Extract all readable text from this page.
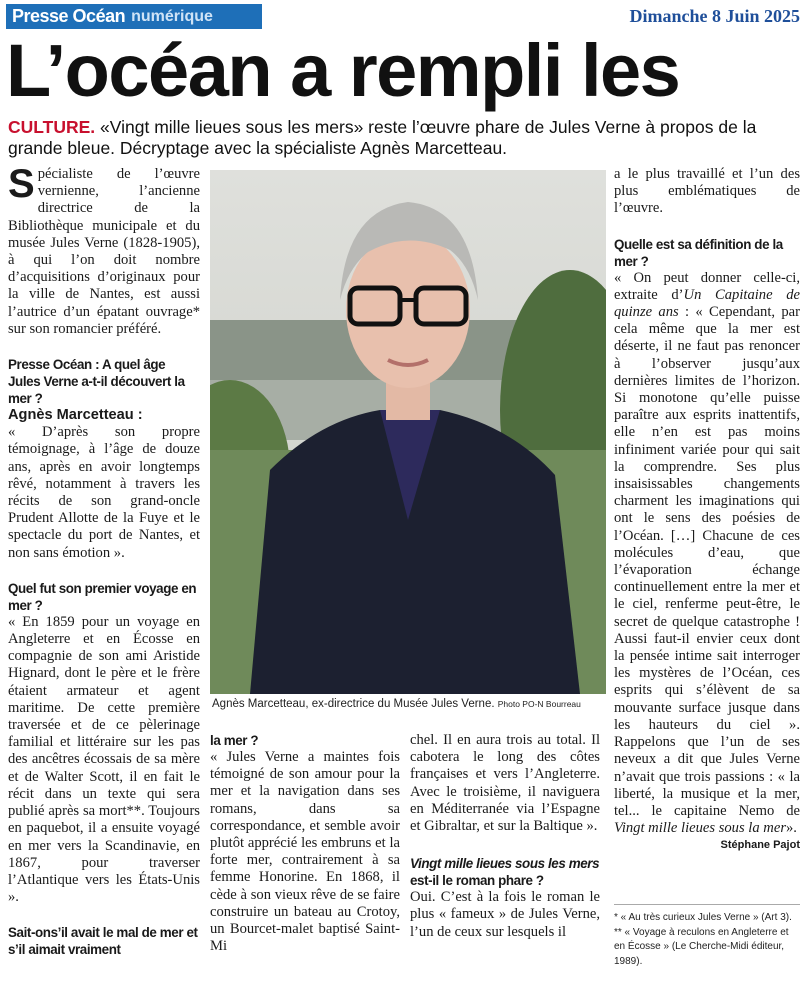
Presse Océan numérique	Dimanche 8 Juin 2025
L’océan a rempli les
CULTURE. «Vingt mille lieues sous les mers» reste l’œuvre phare de Jules Verne à propos de la grande bleue. Décryptage avec la spécialiste Agnès Marcetteau.

Spécialiste de l’œuvre vernienne, l’ancienne directrice de la Bibliothèque municipale et du musée Jules Verne (1828-1905), à qui l’on doit nombre d’acquisitions d’originaux pour la ville de Nantes, est aussi l’autrice d’un épatant ouvrage* sur son romancier préféré.

Presse Océan : A quel âge Jules Verne a-t-il découvert la mer ?

Agnès Marcetteau :
« D’après son propre témoignage, à l’âge de douze ans, après en avoir longtemps rêvé, notamment à travers les récits de son grand-oncle Prudent Allotte de la Fuye et le spectacle du port de Nantes, et non sans émotion ».

Quel fut son premier voyage en mer ?

« En 1859 pour un voyage en Angleterre et en Écosse en compagnie de son ami Aristide Hignard, dont le père et le frère étaient armateur et agent maritime. De cette première traversée et de ce pèlerinage familial et littéraire sur les pas des ancêtres écossais de sa mère et de Walter Scott, il en fait le récit dans un texte qui sera publié après sa mort**. Toujours en paquebot, il a ensuite voyagé en mer vers la Scandinavie, en 1867, pour traverser l’Atlantique vers les États-Unis ».

Sait-ons’il avait le mal de mer et s’il aimait vraiment

Agnès Marcetteau, ex-directrice du Musée Jules Verne. Photo PO-N Bourreau

la mer ?

« Jules Verne a maintes fois témoigné de son amour pour la mer et la navigation dans ses romans, dans sa correspondance, et semble avoir plutôt apprécié les embruns et la forte mer, contrairement à sa femme Honorine. En 1868, il cède à son vieux rêve de se faire construire un bateau au Crotoy, un Bourcet-malet baptisé Saint-Mi

chel. Il en aura trois au total. Il cabotera le long des côtes françaises et vers l’Angleterre. Avec le troisième, il naviguera en Méditerranée via l’Espagne et Gibraltar, et sur la Baltique ».

Vingt mille lieues sous les mers est-il le roman phare ?

Oui. C’est à la fois le roman le plus « fameux » de Jules Verne, l’un de ceux sur lesquels il

a le plus travaillé et l’un des plus emblématiques de l’œuvre.

Quelle est sa définition de la mer ?

« On peut donner celle-ci, extraite d’Un Capitaine de quinze ans : « Cependant, par cela même que la mer est déserte, il ne faut pas renoncer à l’observer jusqu’aux dernières limites de l’horizon. Si monotone qu’elle puisse paraître aux esprits inattentifs, elle n’en est pas moins infiniment variée pour qui sait la comprendre. Ses plus insaisissables changements charment les imaginations qui ont le sens des poésies de l’Océan. […] Chacune de ces molécules d’eau, que l’évaporation échange continuellement entre la mer et le ciel, renferme peut-être, le secret de quelque catastrophe ! Aussi faut-il envier ceux dont la pensée intime sait interroger les mystères de l’Océan, ces esprits qui s’élèvent de sa mouvante surface jusque dans les hauteurs du ciel ». Rappelons que l’un de ses neveux a dit que Jules Verne n’avait que trois passions : « la liberté, la musique et la mer, tel... le capitaine Nemo de Vingt mille lieues sous la mer».

Stéphane Pajot

* « Au très curieux Jules Verne » (Art 3).

** « Voyage à reculons en Angleterre et en Écosse » (Le Cherche-Midi éditeur, 1989).
